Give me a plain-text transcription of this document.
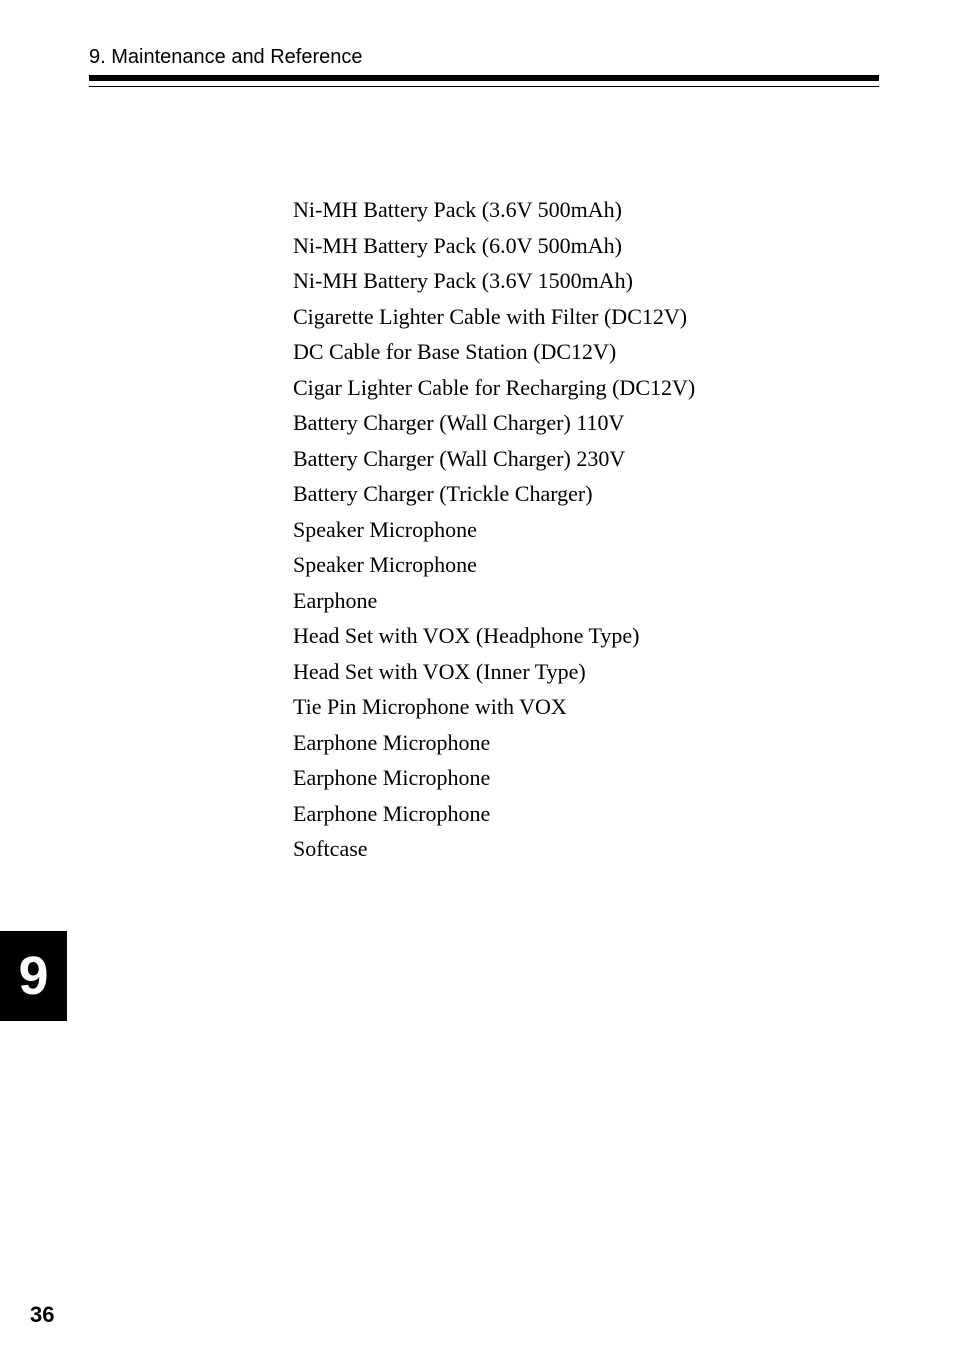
9. Maintenance and Reference
Ni-MH Battery Pack (3.6V 500mAh)
Ni-MH Battery Pack (6.0V 500mAh)
Ni-MH Battery Pack (3.6V 1500mAh)
Cigarette Lighter Cable with Filter (DC12V)
DC Cable for Base Station (DC12V)
Cigar Lighter Cable for Recharging (DC12V)
Battery Charger (Wall Charger) 110V
Battery Charger (Wall Charger) 230V
Battery Charger (Trickle Charger)
Speaker Microphone
Speaker Microphone
Earphone
Head Set with VOX (Headphone Type)
Head Set with VOX (Inner Type)
Tie Pin Microphone with VOX
Earphone Microphone
Earphone Microphone
Earphone Microphone
Softcase
9
36
